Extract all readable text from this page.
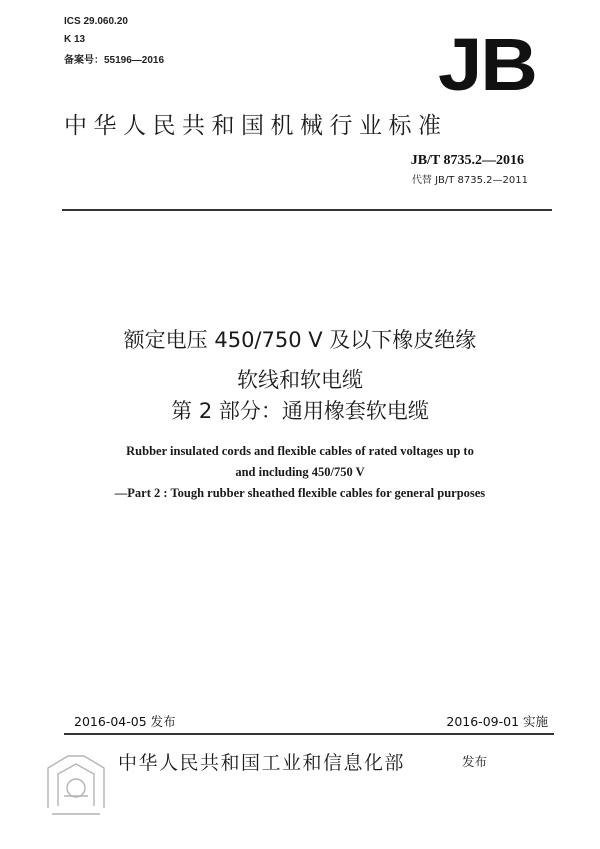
ICS 29.060.20
K 13
备案号：55196—2016	JB
中华人民共和国机械行业标准
JB/T 8735.2—2016
代替 JB/T 8735.2—2011
额定电压 450/750 V 及以下橡皮绝缘
软线和软电缆
第 2 部分：通用橡套软电缆
Rubber insulated cords and flexible cables of rated voltages up to
and including 450/750 V
—Part 2 : Tough rubber sheathed flexible cables for general purposes
2016-04-05 发布	2016-09-01 实施
中华人民共和国工业和信息化部	发布
